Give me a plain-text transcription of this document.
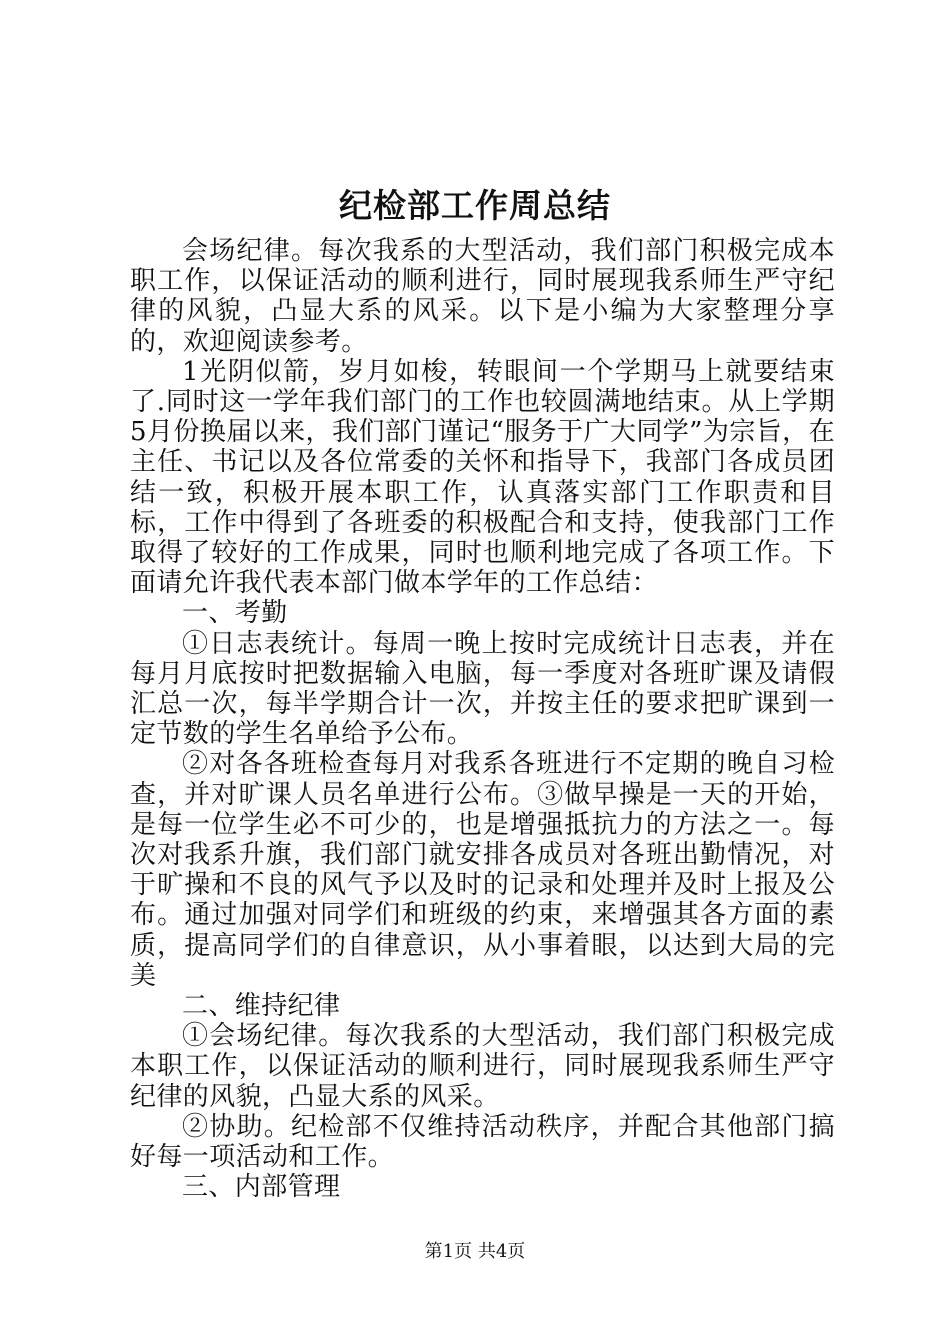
纪检部工作周总结

会场纪律。每次我系的大型活动，我们部门积极完成本职工作，以保证活动的顺利进行，同时展现我系师生严守纪律的风貌，凸显大系的风采。以下是小编为大家整理分享的，欢迎阅读参考。

1光阴似箭，岁月如梭，转眼间一个学期马上就要结束了.同时这一学年我们部门的工作也较圆满地结束。从上学期5月份换届以来，我们部门谨记“服务于广大同学”为宗旨，在主任、书记以及各位常委的关怀和指导下，我部门各成员团结一致，积极开展本职工作，认真落实部门工作职责和目标，工作中得到了各班委的积极配合和支持，使我部门工作取得了较好的工作成果，同时也顺利地完成了各项工作。下面请允许我代表本部门做本学年的工作总结：

一、考勤

①日志表统计。每周一晚上按时完成统计日志表，并在每月月底按时把数据输入电脑，每一季度对各班旷课及请假汇总一次，每半学期合计一次，并按主任的要求把旷课到一定节数的学生名单给予公布。

②对各各班检查每月对我系各班进行不定期的晚自习检查，并对旷课人员名单进行公布。③做早操是一天的开始，是每一位学生必不可少的，也是增强抵抗力的方法之一。每次对我系升旗，我们部门就安排各成员对各班出勤情况，对于旷操和不良的风气予以及时的记录和处理并及时上报及公布。通过加强对同学们和班级的约束，来增强其各方面的素质，提高同学们的自律意识，从小事着眼，以达到大局的完美

二、维持纪律

①会场纪律。每次我系的大型活动，我们部门积极完成本职工作，以保证活动的顺利进行，同时展现我系师生严守纪律的风貌，凸显大系的风采。

②协助。纪检部不仅维持活动秩序，并配合其他部门搞好每一项活动和工作。

三、内部管理

第1页 共4页
